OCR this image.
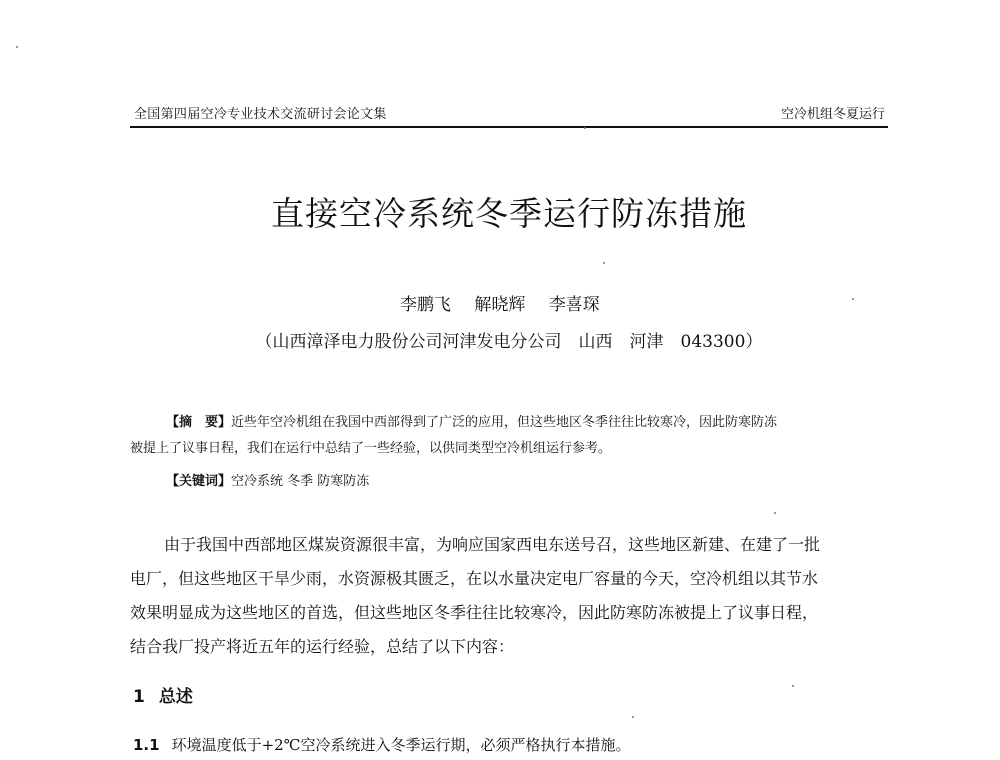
全国第四届空冷专业技术交流研讨会论文集	空冷机组冬夏运行
直接空冷系统冬季运行防冻措施
李鹏飞 解晓辉 李喜琛
（山西漳泽电力股份公司河津发电分公司　山西　河津　043300）
【摘　要】近些年空冷机组在我国中西部得到了广泛的应用，但这些地区冬季往往比较寒冷，因此防寒防冻
被提上了议事日程，我们在运行中总结了一些经验，以供同类型空冷机组运行参考。
【关键词】空冷系统 冬季 防寒防冻
由于我国中西部地区煤炭资源很丰富，为响应国家西电东送号召，这些地区新建、在建了一批
电厂，但这些地区干旱少雨，水资源极其匮乏，在以水量决定电厂容量的今天，空冷机组以其节水
效果明显成为这些地区的首选，但这些地区冬季往往比较寒冷，因此防寒防冻被提上了议事日程，
结合我厂投产将近五年的运行经验，总结了以下内容：
1 总述
1.1 环境温度低于+2℃空冷系统进入冬季运行期，必须严格执行本措施。
